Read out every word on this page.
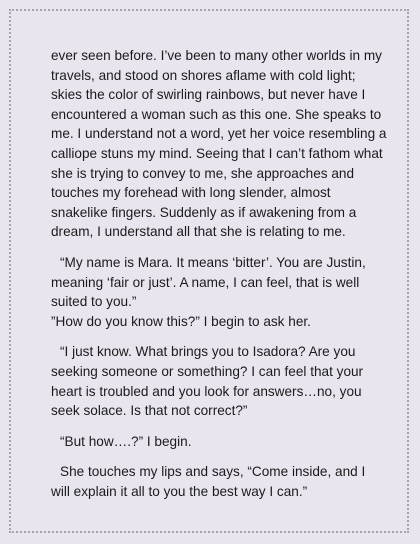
ever seen before. I’ve been to many other worlds in my travels, and stood on shores aflame with cold light; skies the color of swirling rainbows, but never have I encountered a woman such as this one. She speaks to me. I understand not a word, yet her voice resembling a calliope stuns my mind. Seeing that I can’t fathom what she is trying to convey to me, she approaches and touches my forehead with long slender, almost snakelike fingers. Suddenly as if awakening from a dream, I understand all that she is relating to me.

“My name is Mara. It means ‘bitter’. You are Justin, meaning ‘fair or just’. A name, I can feel, that is well suited to you.”

”How do you know this?” I begin to ask her.

“I just know. What brings you to Isadora? Are you seeking someone or something? I can feel that your heart is troubled and you look for answers…no, you seek solace. Is that not correct?”

“But how….?” I begin.

She touches my lips and says, “Come inside, and I will explain it all to you the best way I can.”
